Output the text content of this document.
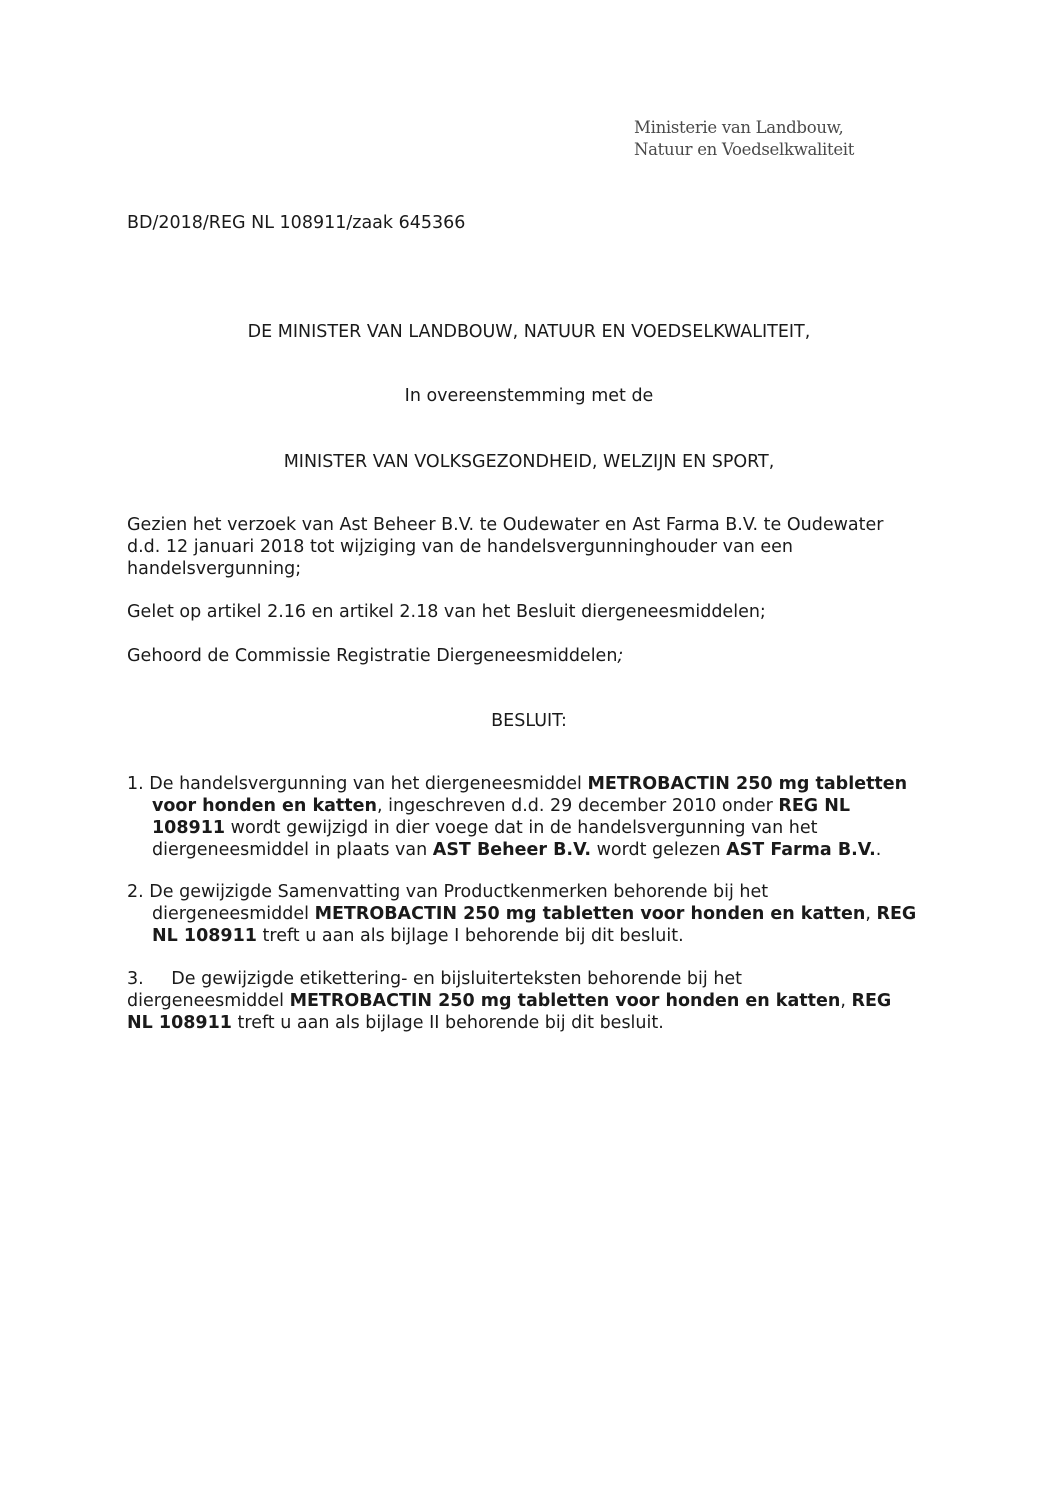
Ministerie van Landbouw,
Natuur en Voedselkwaliteit
BD/2018/REG NL 108911/zaak 645366
DE MINISTER VAN LANDBOUW, NATUUR EN VOEDSELKWALITEIT,
In overeenstemming met de
MINISTER VAN VOLKSGEZONDHEID, WELZIJN EN SPORT,
Gezien het verzoek van Ast Beheer B.V. te Oudewater en Ast Farma B.V. te Oudewater
d.d. 12 januari 2018 tot wijziging van de handelsvergunninghouder van een
handelsvergunning;
Gelet op artikel 2.16 en artikel 2.18 van het Besluit diergeneesmiddelen;
Gehoord de Commissie Registratie Diergeneesmiddelen;
BESLUIT:
1. De handelsvergunning van het diergeneesmiddel METROBACTIN 250 mg tabletten
voor honden en katten, ingeschreven d.d. 29 december 2010 onder REG NL
108911 wordt gewijzigd in dier voege dat in de handelsvergunning van het
diergeneesmiddel in plaats van AST Beheer B.V. wordt gelezen AST Farma B.V..
2. De gewijzigde Samenvatting van Productkenmerken behorende bij het
diergeneesmiddel METROBACTIN 250 mg tabletten voor honden en katten, REG
NL 108911 treft u aan als bijlage I behorende bij dit besluit.
3. De gewijzigde etikettering- en bijsluiterteksten behorende bij het
diergeneesmiddel METROBACTIN 250 mg tabletten voor honden en katten, REG
NL 108911 treft u aan als bijlage II behorende bij dit besluit.
